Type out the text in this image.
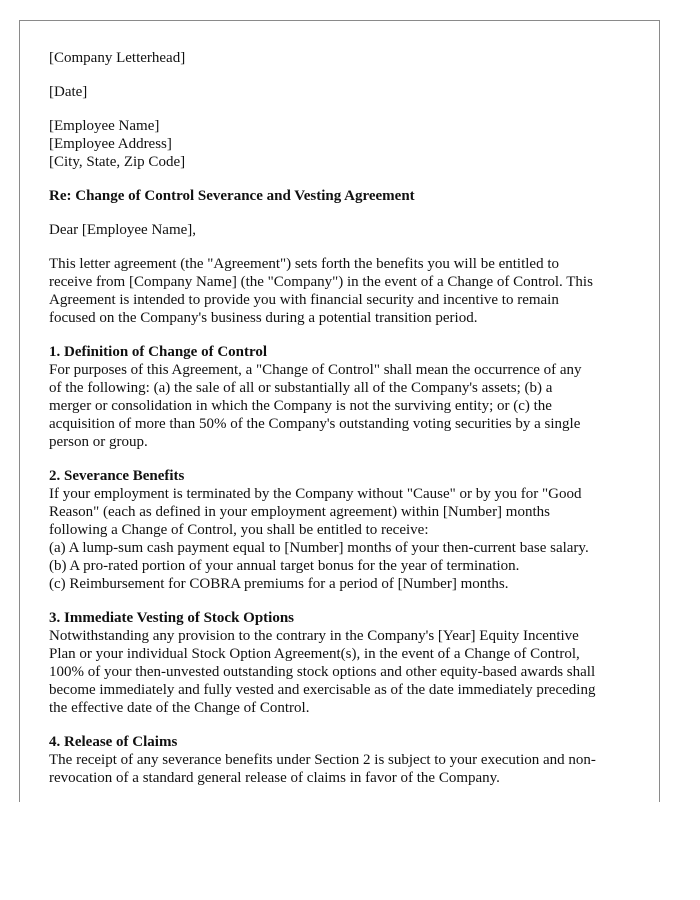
[Company Letterhead]

[Date]

[Employee Name]
[Employee Address]
[City, State, Zip Code]

Re: Change of Control Severance and Vesting Agreement

Dear [Employee Name],

This letter agreement (the "Agreement") sets forth the benefits you will be entitled to
receive from [Company Name] (the "Company") in the event of a Change of Control. This
Agreement is intended to provide you with financial security and incentive to remain
focused on the Company's business during a potential transition period.

1. Definition of Change of Control
For purposes of this Agreement, a "Change of Control" shall mean the occurrence of any
of the following: (a) the sale of all or substantially all of the Company's assets; (b) a
merger or consolidation in which the Company is not the surviving entity; or (c) the
acquisition of more than 50% of the Company's outstanding voting securities by a single
person or group.

2. Severance Benefits
If your employment is terminated by the Company without "Cause" or by you for "Good
Reason" (each as defined in your employment agreement) within [Number] months
following a Change of Control, you shall be entitled to receive:
(a) A lump-sum cash payment equal to [Number] months of your then-current base salary.
(b) A pro-rated portion of your annual target bonus for the year of termination.
(c) Reimbursement for COBRA premiums for a period of [Number] months.

3. Immediate Vesting of Stock Options
Notwithstanding any provision to the contrary in the Company's [Year] Equity Incentive
Plan or your individual Stock Option Agreement(s), in the event of a Change of Control,
100% of your then-unvested outstanding stock options and other equity-based awards shall
become immediately and fully vested and exercisable as of the date immediately preceding
the effective date of the Change of Control.

4. Release of Claims
The receipt of any severance benefits under Section 2 is subject to your execution and non-
revocation of a standard general release of claims in favor of the Company.
